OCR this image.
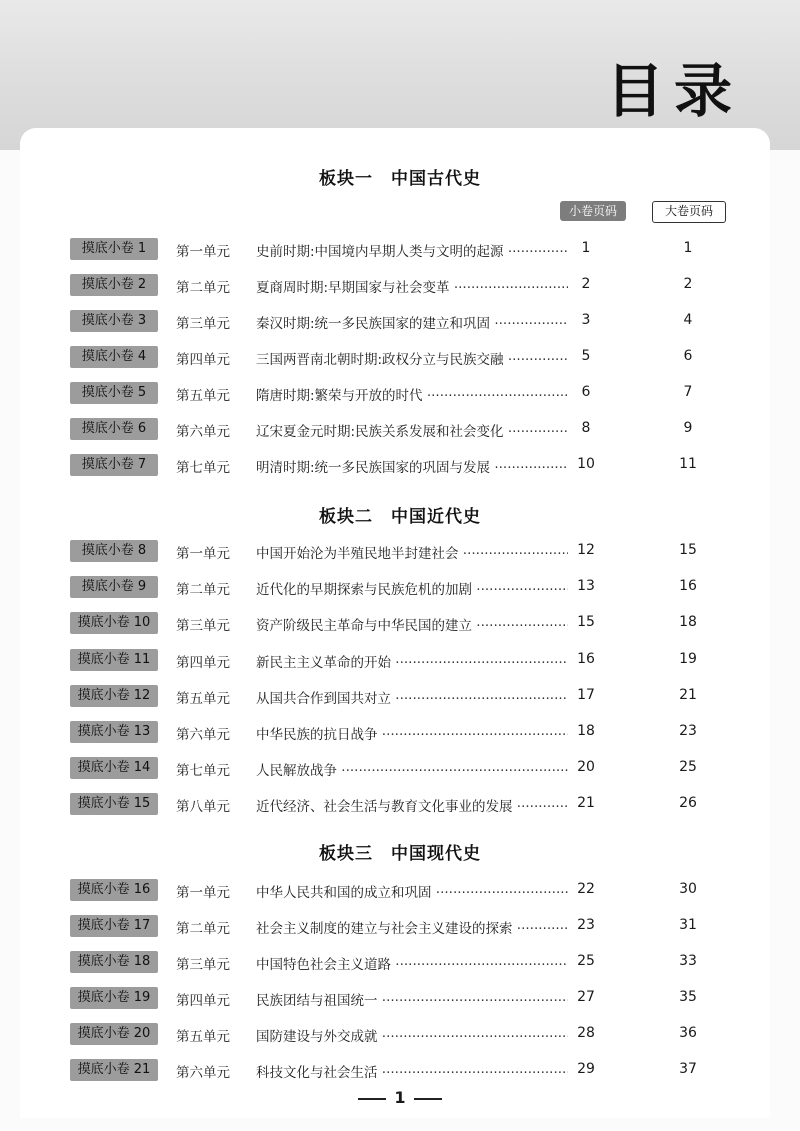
目录
板块一　中国古代史
小卷页码	大卷页码
板块二　中国近代史
板块三　中国现代史
摸底小卷 1	第一单元 史前时期:中国境内早期人类与文明的起源 ·····	1	1
摸底小卷 2	第二单元 夏商周时期:早期国家与社会变革 ·····	2	2
摸底小卷 3	第三单元 秦汉时期:统一多民族国家的建立和巩固 ·····	3	4
摸底小卷 4	第四单元 三国两晋南北朝时期:政权分立与民族交融 ·····	5	6
摸底小卷 5	第五单元 隋唐时期:繁荣与开放的时代 ·····	6	7
摸底小卷 6	第六单元 辽宋夏金元时期:民族关系发展和社会变化 ·····	8	9
摸底小卷 7	第七单元 明清时期:统一多民族国家的巩固与发展 ·····	10	11
摸底小卷 8	第一单元 中国开始沦为半殖民地半封建社会 ·····	12	15
摸底小卷 9	第二单元 近代化的早期探索与民族危机的加剧 ·····	13	16
摸底小卷 10	第三单元 资产阶级民主革命与中华民国的建立 ·····	15	18
摸底小卷 11	第四单元 新民主主义革命的开始 ·····	16	19
摸底小卷 12	第五单元 从国共合作到国共对立 ·····	17	21
摸底小卷 13	第六单元 中华民族的抗日战争 ·····	18	23
摸底小卷 14	第七单元 人民解放战争 ·····	20	25
摸底小卷 15	第八单元 近代经济、社会生活与教育文化事业的发展 ·····	21	26
摸底小卷 16	第一单元 中华人民共和国的成立和巩固 ·····	22	30
摸底小卷 17	第二单元 社会主义制度的建立与社会主义建设的探索 ·····	23	31
摸底小卷 18	第三单元 中国特色社会主义道路 ·····	25	33
摸底小卷 19	第四单元 民族团结与祖国统一 ·····	27	35
摸底小卷 20	第五单元 国防建设与外交成就 ·····	28	36
摸底小卷 21	第六单元 科技文化与社会生活 ·····	29	37
1
